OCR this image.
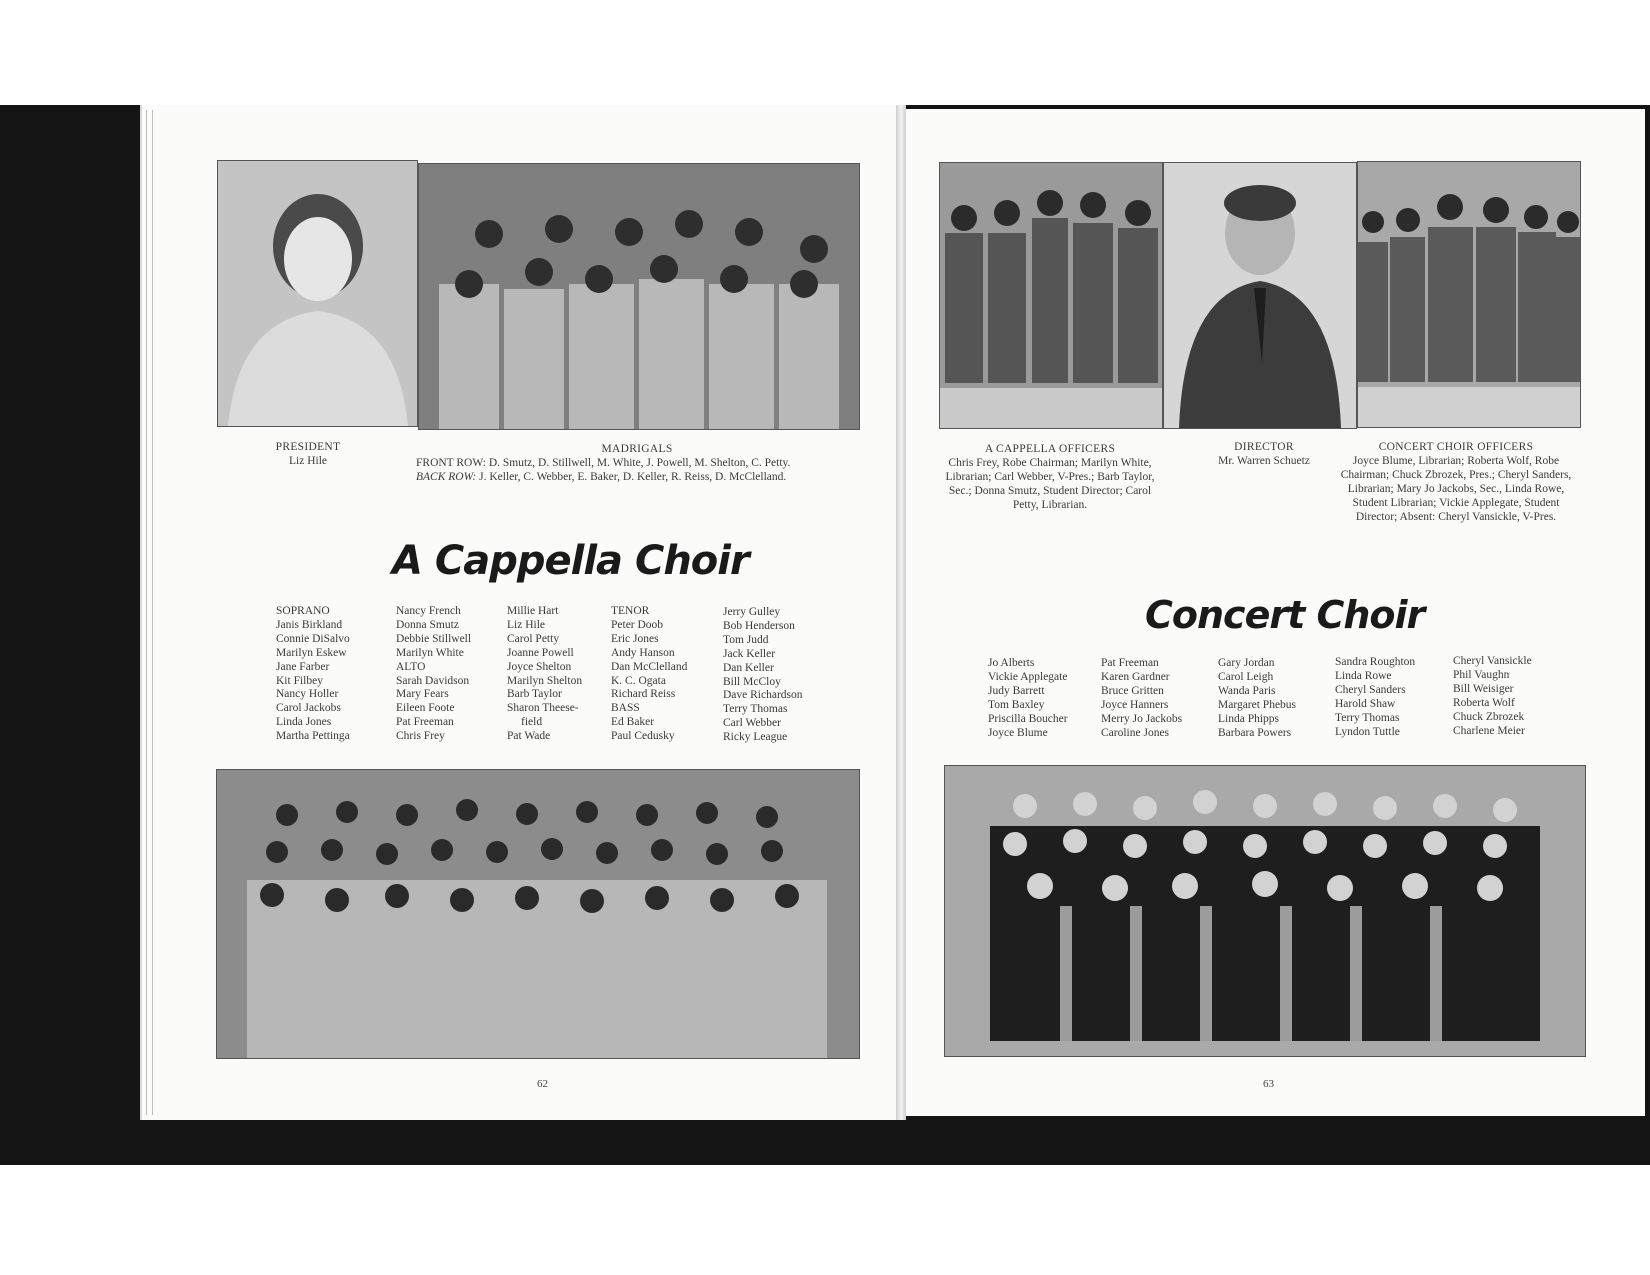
PRESIDENT
Liz Hile
MADRIGALS
FRONT ROW: D. Smutz, D. Stillwell, M. White, J. Powell, M. Shelton, C. Petty.
BACK ROW: J. Keller, C. Webber, E. Baker, D. Keller, R. Reiss, D. McClelland.
A Cappella Choir
SOPRANO
Janis Birkland
Connie DiSalvo
Marilyn Eskew
Jane Farber
Kit Filbey
Nancy Holler
Carol Jackobs
Linda Jones
Martha Pettinga
Nancy French
Donna Smutz
Debbie Stillwell
Marilyn White
ALTO
Sarah Davidson
Mary Fears
Eileen Foote
Pat Freeman
Chris Frey
Millie Hart
Liz Hile
Carol Petty
Joanne Powell
Joyce Shelton
Marilyn Shelton
Barb Taylor
Sharon Theese-
field
Pat Wade
TENOR
Peter Doob
Eric Jones
Andy Hanson
Dan McClelland
K. C. Ogata
Richard Reiss
BASS
Ed Baker
Paul Cedusky
Jerry Gulley
Bob Henderson
Tom Judd
Jack Keller
Dan Keller
Bill McCloy
Dave Richardson
Terry Thomas
Carl Webber
Ricky League
62
A CAPPELLA OFFICERS
Chris Frey, Robe Chairman; Marilyn White, Librarian; Carl Webber, V-Pres.; Barb Taylor, Sec.; Donna Smutz, Student Director; Carol Petty, Librarian.
DIRECTOR
Mr. Warren Schuetz
CONCERT CHOIR OFFICERS
Joyce Blume, Librarian; Roberta Wolf, Robe Chairman; Chuck Zbrozek, Pres.; Cheryl Sanders, Librarian; Mary Jo Jackobs, Sec., Linda Rowe, Student Librarian; Vickie Applegate, Student Director; Absent: Cheryl Vansickle, V-Pres.
Concert Choir
Jo Alberts
Vickie Applegate
Judy Barrett
Tom Baxley
Priscilla Boucher
Joyce Blume
Pat Freeman
Karen Gardner
Bruce Gritten
Joyce Hanners
Merry Jo Jackobs
Caroline Jones
Gary Jordan
Carol Leigh
Wanda Paris
Margaret Phebus
Linda Phipps
Barbara Powers
Sandra Roughton
Linda Rowe
Cheryl Sanders
Harold Shaw
Terry Thomas
Lyndon Tuttle
Cheryl Vansickle
Phil Vaughn
Bill Weisiger
Roberta Wolf
Chuck Zbrozek
Charlene Meier
63
